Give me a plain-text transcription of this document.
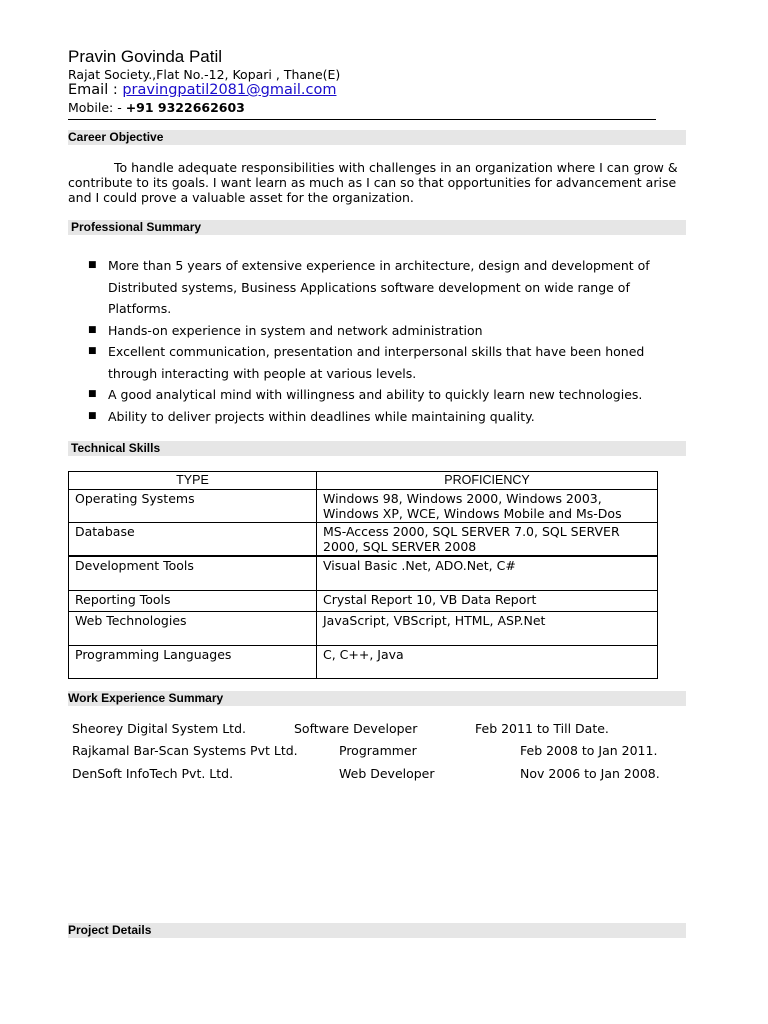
Pravin Govinda Patil
Rajat Society.,Flat No.-12, Kopari , Thane(E)
Email : pravingpatil2081@gmail.com
Mobile: - +91 9322662603
Career Objective
To handle adequate responsibilities with challenges in an organization where I can grow & contribute to its goals. I want learn as much as I can so that opportunities for advancement arise and I could prove a valuable asset for the organization.
Professional Summary
■ More than 5 years of extensive experience in architecture, design and development of Distributed systems, Business Applications software development on wide range of Platforms.
■ Hands-on experience in system and network administration
■ Excellent communication, presentation and interpersonal skills that have been honed through interacting with people at various levels.
■ A good analytical mind with willingness and ability to quickly learn new technologies.
■ Ability to deliver projects within deadlines while maintaining quality.
Technical Skills
TYPE	PROFICIENCY
Operating Systems	Windows 98, Windows 2000, Windows 2003, Windows XP, WCE, Windows Mobile and Ms-Dos
Database	MS-Access 2000, SQL SERVER 7.0, SQL SERVER 2000, SQL SERVER 2008
Development Tools	Visual Basic .Net, ADO.Net, C#
Reporting Tools	Crystal Report 10, VB Data Report
Web Technologies	JavaScript, VBScript, HTML, ASP.Net
Programming Languages	C, C++, Java
Work Experience Summary
Sheorey Digital System Ltd.	Software Developer	Feb 2011 to Till Date.
Rajkamal Bar-Scan Systems Pvt Ltd.	Programmer	Feb 2008 to Jan 2011.
DenSoft InfoTech Pvt. Ltd.	Web Developer	Nov 2006 to Jan 2008.
Project Details
